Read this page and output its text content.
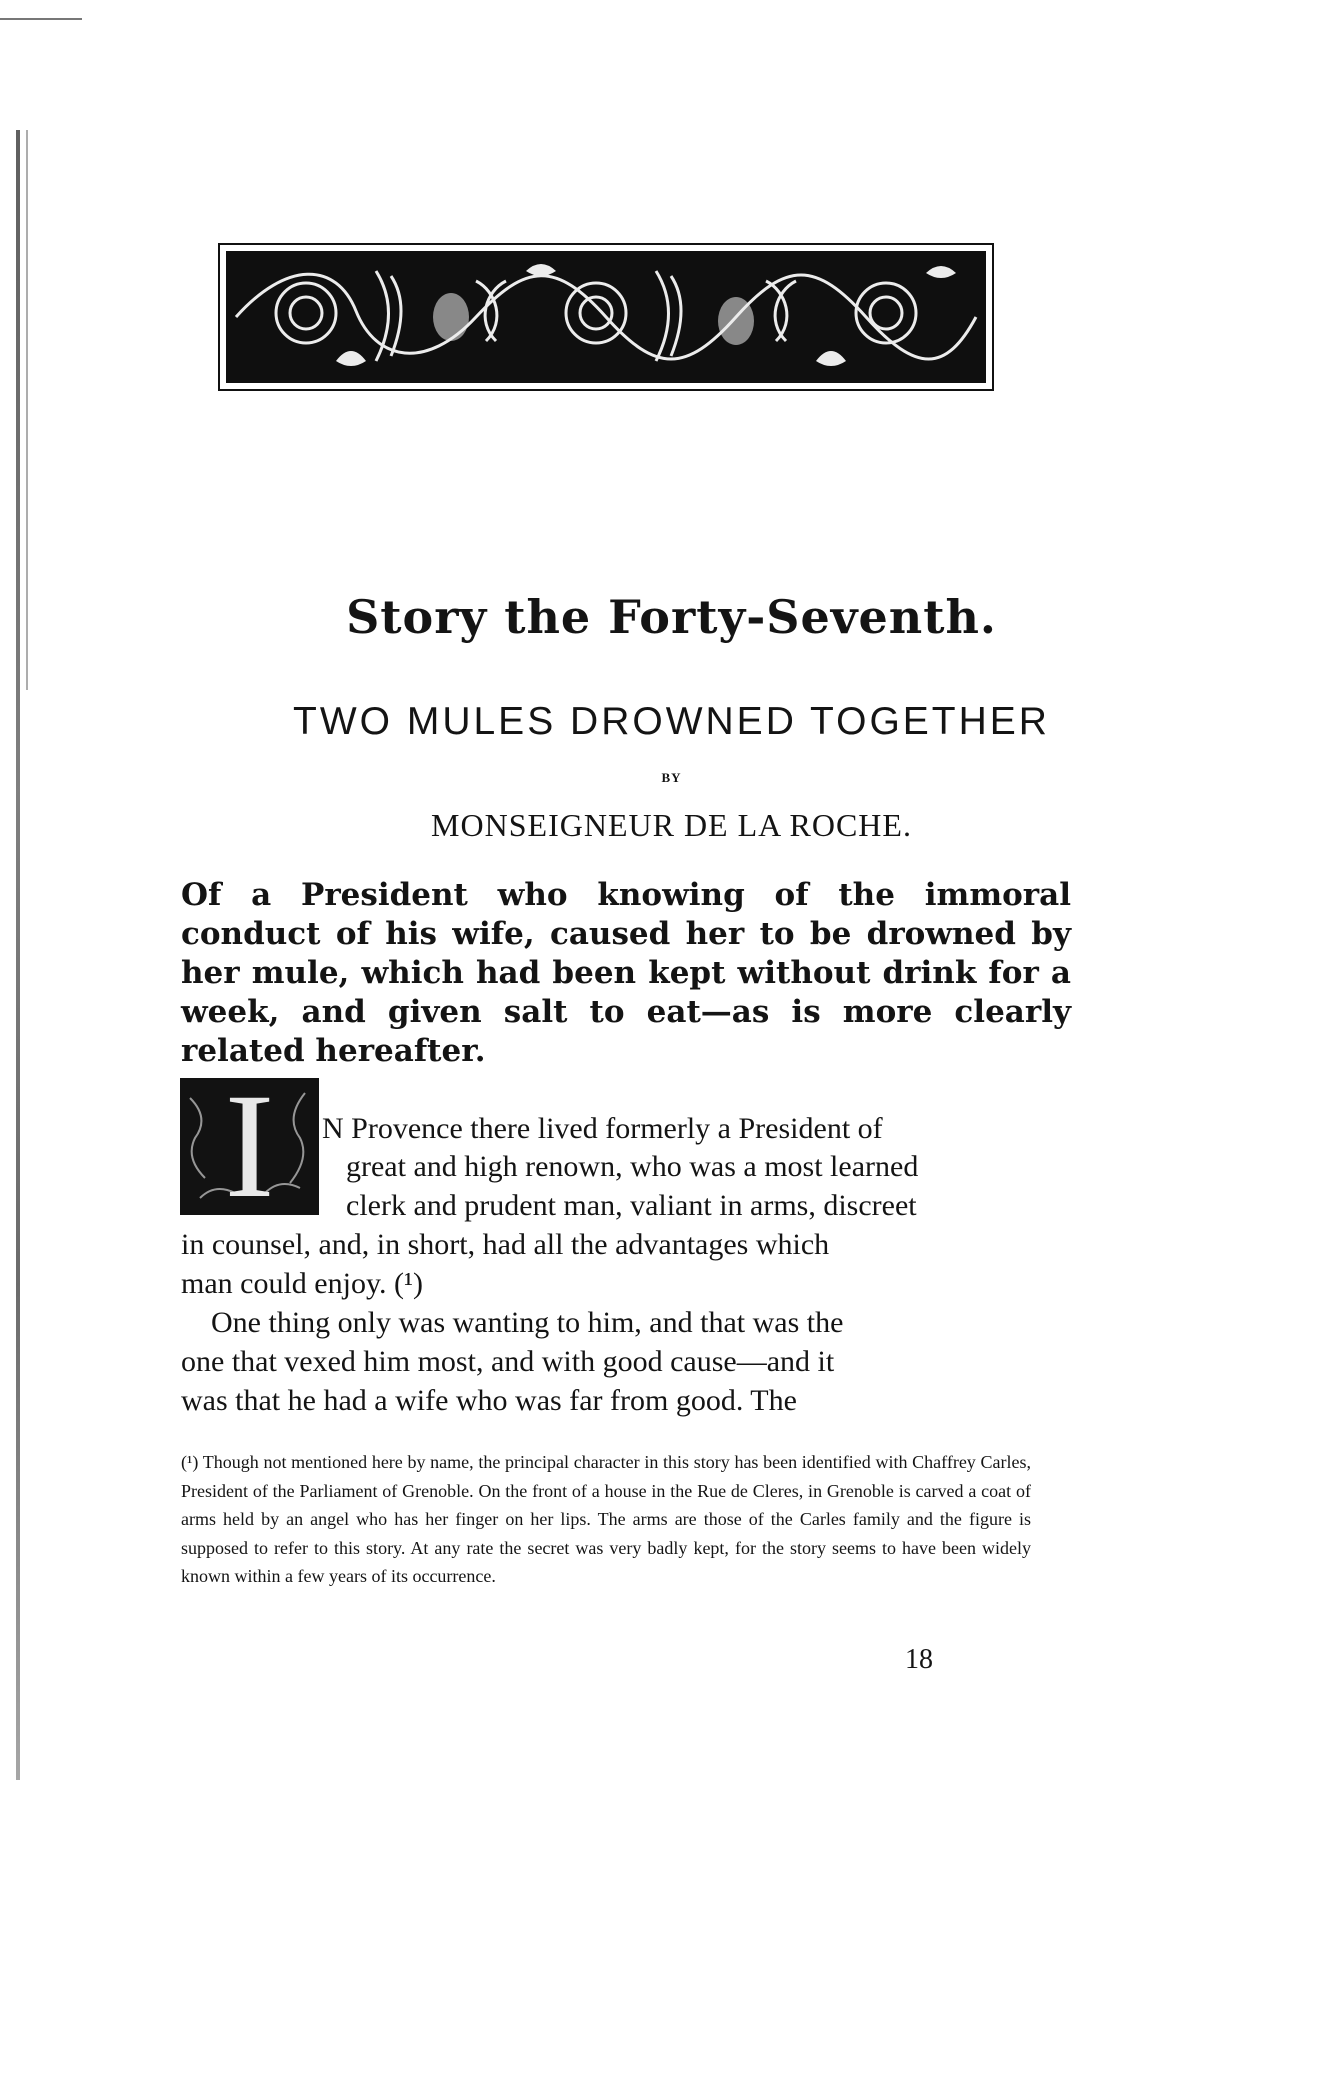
Story the Forty-Seventh.
TWO MULES DROWNED TOGETHER
BY
MONSEIGNEUR DE LA ROCHE.
Of a President who knowing of the immoral conduct of his wife, caused her to be drowned by her mule, which had been kept without drink for a week, and given salt to eat—as is more clearly related hereafter.
I	N Provence there lived formerly a President of
great and high renown, who was a most learned
clerk and prudent man, valiant in arms, discreet
in counsel, and, in short, had all the advantages which
man could enjoy. (¹)
One thing only was wanting to him, and that was the
one that vexed him most, and with good cause—and it
was that he had a wife who was far from good. The
(¹) Though not mentioned here by name, the principal character in this story has been identified with Chaffrey Carles, President of the Parliament of Grenoble. On the front of a house in the Rue de Cleres, in Grenoble is carved a coat of arms held by an angel who has her finger on her lips. The arms are those of the Carles family and the figure is supposed to refer to this story. At any rate the secret was very badly kept, for the story seems to have been widely known within a few years of its occurrence.
18
